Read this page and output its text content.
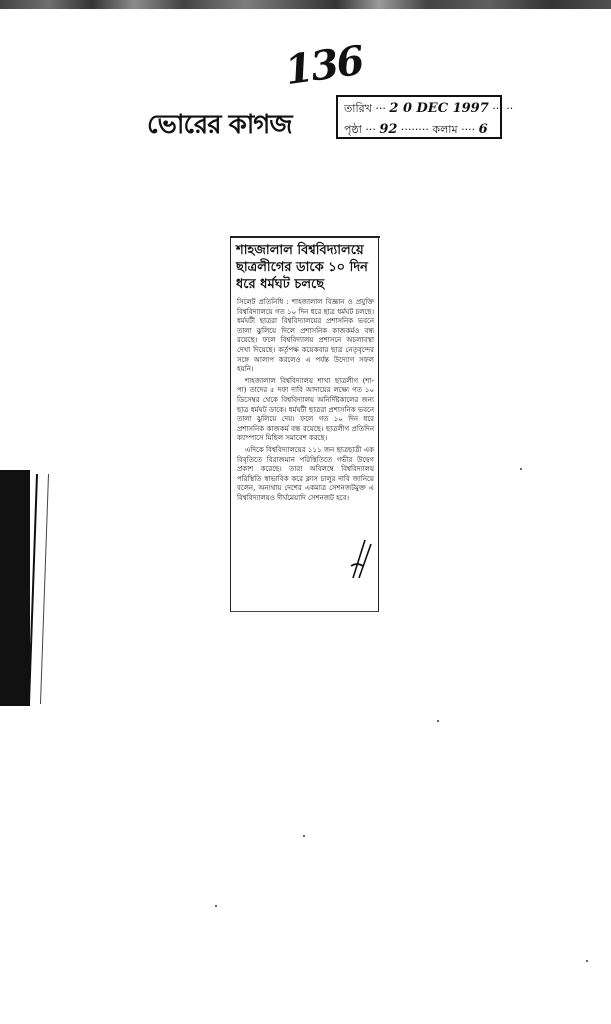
136
ভোরের কাগজ
তারিখ ··· 2 0 DEC 1997 ··· ··
পৃষ্ঠা ··· 92 ········ কলাম ···· 6
শাহজালাল বিশ্ববিদ্যালয়ে ছাত্রলীগের ডাকে ১০ দিন ধরে ধর্মঘট চলছে

সিলেট প্রতিনিধি : শাহজালাল বিজ্ঞান ও প্রযুক্তি বিশ্ববিদ্যালয়ে গত ১০ দিন ধরে ছাত্র ধর্মঘট চলছে। ধর্মঘটী ছাত্ররা বিশ্ববিদ্যালয়ের প্রশাসনিক ভবনে তালা ঝুলিয়ে দিলে প্রশাসনিক কাজকর্মও বন্ধ রয়েছে। ফলে বিশ্ববিদ্যালয় প্রশাসনে অচলাবস্থা দেখা দিয়েছে। কর্তৃপক্ষ কয়েকবার ছাত্র নেতৃবৃন্দের সঙ্গে আলাপ করলেও এ পর্যন্ত উদ্যোগ সফল হয়নি।

শাহজালাল বিশ্ববিদ্যালয় শাখা ছাত্রলীগ (শা-পা) তাদের ৫ দফা দাবি আদায়ের লক্ষ্যে গত ১০ ডিসেম্বর থেকে বিশ্ববিদ্যালয় অনির্দিষ্টকালের জন্য ছাত্র ধর্মঘট ডাকে। ধর্মঘটী ছাত্ররা প্রশাসনিক ভবনে তালা ঝুলিয়ে দেয়। ফলে গত ১০ দিন ধরে প্রশাসনিক কাজকর্ম বন্ধ রয়েছে। ছাত্রলীগ প্রতিদিন ক্যাম্পাসে মিছিল সমাবেশ করছে।

এদিকে বিশ্ববিদ্যালয়ের ১১১ জন ছাত্রছাত্রী এক বিবৃতিতে বিরাজমান পরিস্থিতিতে গভীর উদ্বেগ প্রকাশ করেছে। তারা অবিলম্বে বিশ্ববিদ্যালয় পরিস্থিতি স্বাভাবিক করে ক্লাস চালুর দাবি জানিয়ে বলেন, অন্যথায় দেশের একমাত্র সেশনজটমুক্ত এ বিশ্ববিদ্যালয়ও দীর্ঘমেয়াদি সেশনজট হবে।
